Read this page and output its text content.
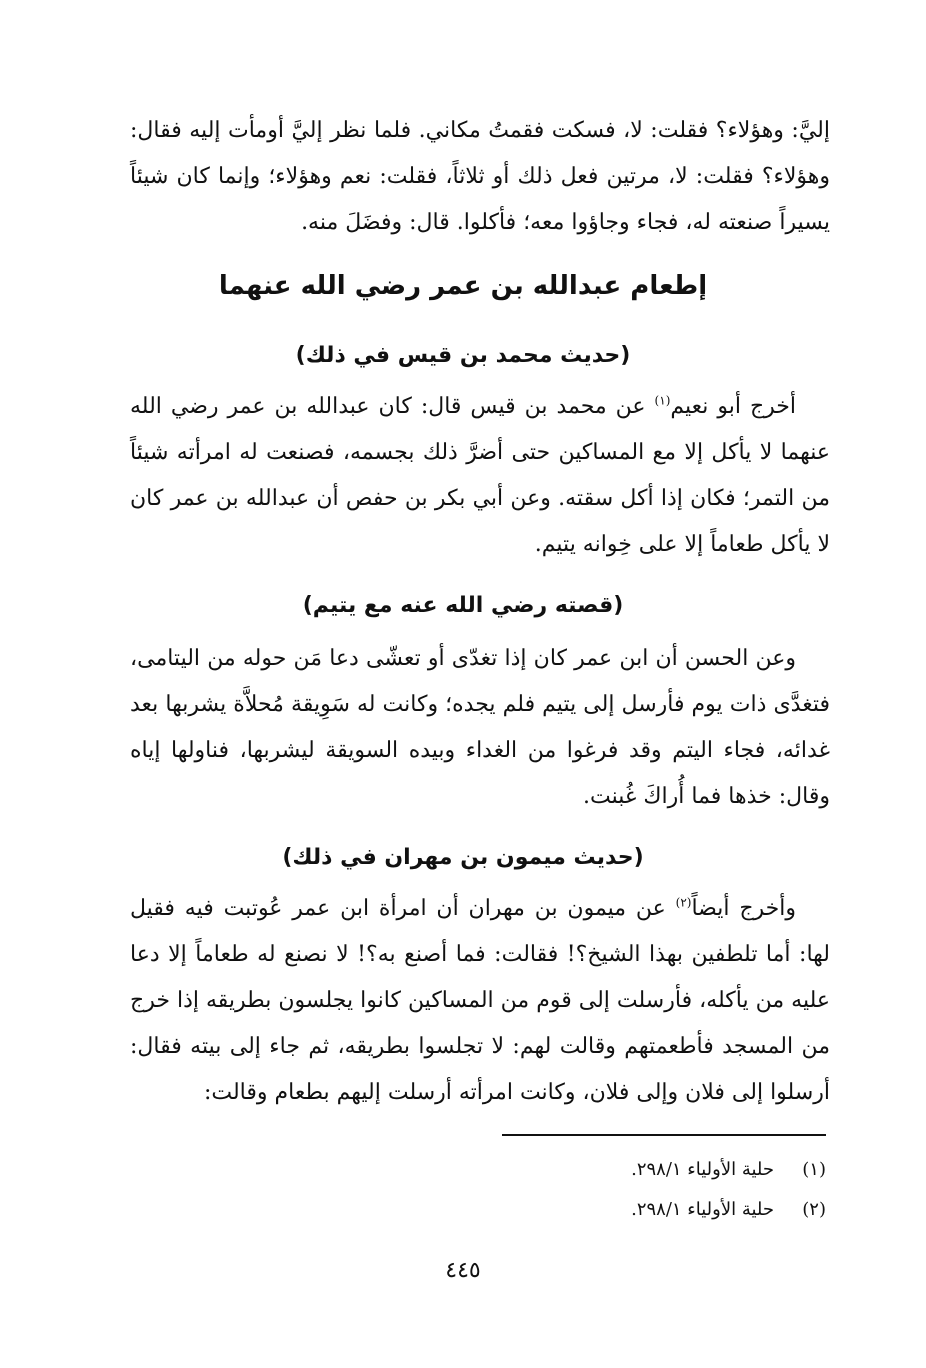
إليَّ: وهؤلاء؟ فقلت: لا، فسكت فقمتُ مكاني. فلما نظر إليَّ أومأت إليه فقال: وهؤلاء؟ فقلت: لا، مرتين فعل ذلك أو ثلاثاً، فقلت: نعم وهؤلاء؛ وإنما كان شيئاً يسيراً صنعته له، فجاء وجاؤوا معه؛ فأكلوا. قال: وفضَلَ منه.

إطعام عبدالله بن عمر رضي الله عنهما
(حديث محمد بن قيس في ذلك)

أخرج أبو نعيم$^{(١)}$ عن محمد بن قيس قال: كان عبدالله بن عمر رضي الله عنهما لا يأكل إلا مع المساكين حتى أضرَّ ذلك بجسمه، فصنعت له امرأته شيئاً من التمر؛ فكان إذا أكل سقته. وعن أبي بكر بن حفص أن عبدالله بن عمر كان لا يأكل طعاماً إلا على خِوانه يتيم.

(قصته رضي الله عنه مع يتيم)

وعن الحسن أن ابن عمر كان إذا تغدّى أو تعشّى دعا مَن حوله من اليتامى، فتغدَّى ذات يوم فأرسل إلى يتيم فلم يجده؛ وكانت له سَوِيقة مُحلاَّة يشربها بعد غدائه، فجاء اليتم وقد فرغوا من الغداء وبيده السويقة ليشربها، فناولها إياه وقال: خذها فما أُراكَ غُبنت.

(حديث ميمون بن مهران في ذلك)

وأخرج أيضاً$^{(٢)}$ عن ميمون بن مهران أن امرأة ابن عمر عُوتبت فيه فقيل لها: أما تلطفين بهذا الشيخ؟! فقالت: فما أصنع به؟! لا نصنع له طعاماً إلا دعا عليه من يأكله، فأرسلت إلى قوم من المساكين كانوا يجلسون بطريقه إذا خرج من المسجد فأطعمتهم وقالت لهم: لا تجلسوا بطريقه، ثم جاء إلى بيته فقال: أرسلوا إلى فلان وإلى فلان، وكانت امرأته أرسلت إليهم بطعام وقالت:

(١)حلية الأولياء ٢٩٨/١.
(٢)حلية الأولياء ٢٩٨/١.
٤٤٥
